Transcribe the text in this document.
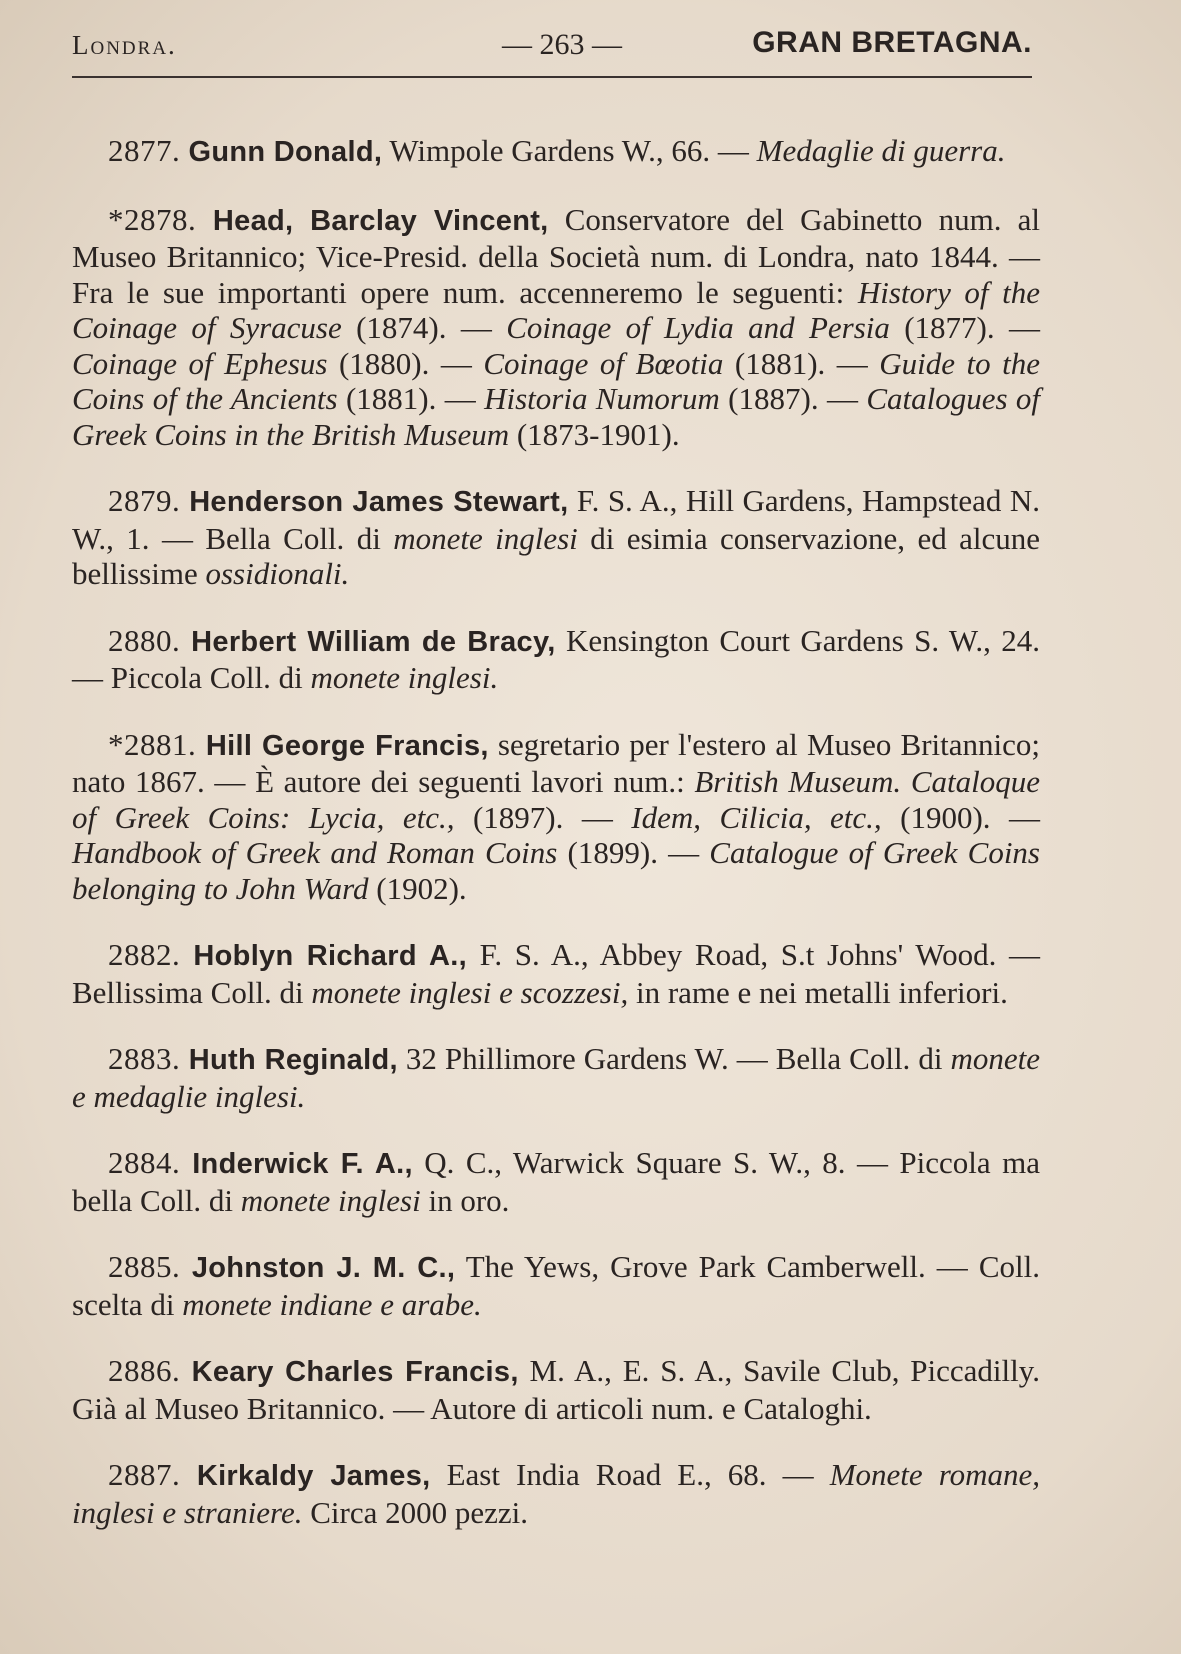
Londra.	— 263 —	GRAN BRETAGNA.

2877. Gunn Donald, Wimpole Gardens W., 66. — Medaglie di guerra.

*2878. Head, Barclay Vincent, Conservatore del Gabinetto num. al Museo Britannico; Vice-Presid. della Società num. di Londra, nato 1844. — Fra le sue importanti opere num. accenneremo le seguenti: History of the Coinage of Syracuse (1874). — Coinage of Lydia and Persia (1877). — Coinage of Ephesus (1880). — Coinage of Bœotia (1881). — Guide to the Coins of the Ancients (1881). — Historia Numorum (1887). — Catalogues of Greek Coins in the British Museum (1873-1901).

2879. Henderson James Stewart, F. S. A., Hill Gardens, Hampstead N. W., 1. — Bella Coll. di monete inglesi di esimia conservazione, ed alcune bellissime ossidionali.

2880. Herbert William de Bracy, Kensington Court Gardens S. W., 24. — Piccola Coll. di monete inglesi.

*2881. Hill George Francis, segretario per l'estero al Museo Britannico; nato 1867. — È autore dei seguenti lavori num.: British Museum. Cataloque of Greek Coins: Lycia, etc., (1897). — Idem, Cilicia, etc., (1900). — Handbook of Greek and Roman Coins (1899). — Catalogue of Greek Coins belonging to John Ward (1902).

2882. Hoblyn Richard A., F. S. A., Abbey Road, S.t Johns' Wood. — Bellissima Coll. di monete inglesi e scozzesi, in rame e nei metalli inferiori.

2883. Huth Reginald, 32 Phillimore Gardens W. — Bella Coll. di monete e medaglie inglesi.

2884. Inderwick F. A., Q. C., Warwick Square S. W., 8. — Piccola ma bella Coll. di monete inglesi in oro.

2885. Johnston J. M. C., The Yews, Grove Park Camberwell. — Coll. scelta di monete indiane e arabe.

2886. Keary Charles Francis, M. A., E. S. A., Savile Club, Piccadilly. Già al Museo Britannico. — Autore di articoli num. e Cataloghi.

2887. Kirkaldy James, East India Road E., 68. — Monete romane, inglesi e straniere. Circa 2000 pezzi.
